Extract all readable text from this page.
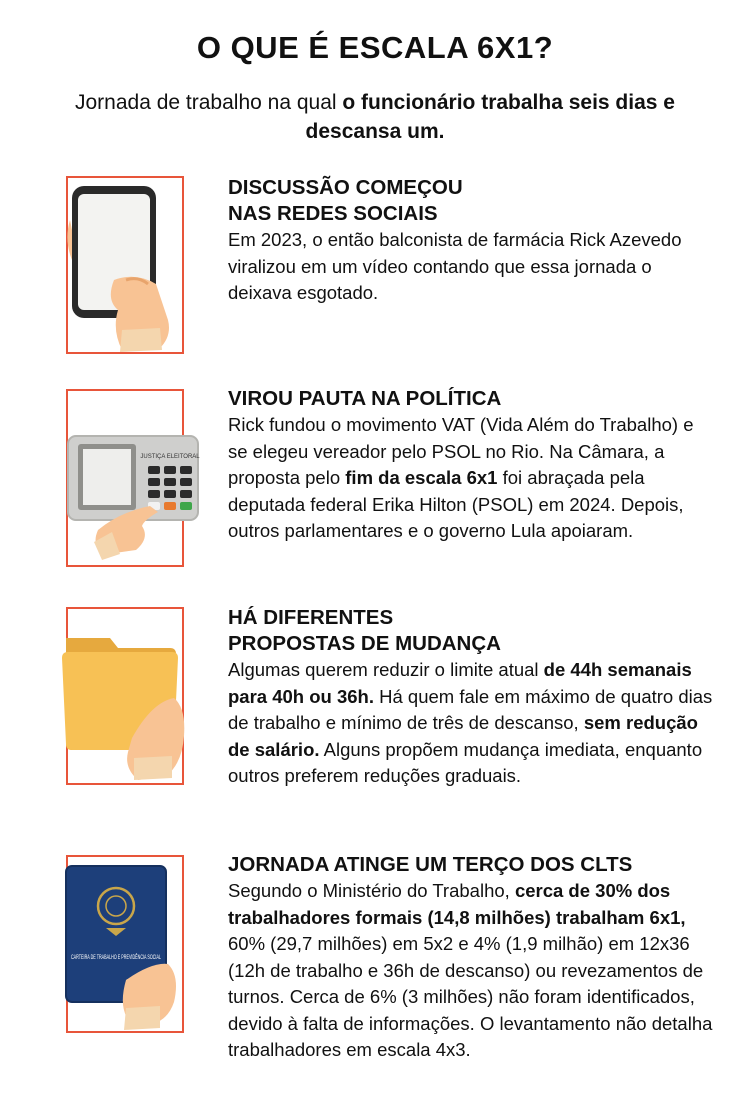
O QUE É ESCALA 6X1?
Jornada de trabalho na qual o funcionário trabalha seis dias e descansa um.
DISCUSSÃO COMEÇOU
NAS REDES SOCIAIS
Em 2023, o então balconista de farmácia Rick Azevedo viralizou em um vídeo contando que essa jornada o deixava esgotado.
JUSTIÇA ELEITORAL
VIROU PAUTA NA POLÍTICA
Rick fundou o movimento VAT (Vida Além do Trabalho) e se elegeu vereador pelo PSOL no Rio. Na Câmara, a proposta pelo fim da escala 6x1 foi abraçada pela deputada federal Erika Hilton (PSOL) em 2024. Depois, outros parlamentares e o governo Lula apoiaram.
HÁ DIFERENTES
PROPOSTAS DE MUDANÇA
Algumas querem reduzir o limite atual de 44h semanais para 40h ou 36h. Há quem fale em máximo de quatro dias de trabalho e mínimo de três de descanso, sem redução de salário. Alguns propõem mudança imediata, enquanto outros preferem reduções graduais.
CARTEIRA DE TRABALHO E PREVIDÊNCIA SOCIAL
JORNADA ATINGE UM TERÇO DOS CLTS
Segundo o Ministério do Trabalho, cerca de 30% dos trabalhadores formais (14,8 milhões) trabalham 6x1, 60% (29,7 milhões) em 5x2 e 4% (1,9 milhão) em 12x36 (12h de trabalho e 36h de descanso) ou revezamentos de turnos. Cerca de 6% (3 milhões) não foram identificados, devido à falta de informações. O levantamento não detalha trabalhadores em escala 4x3.
